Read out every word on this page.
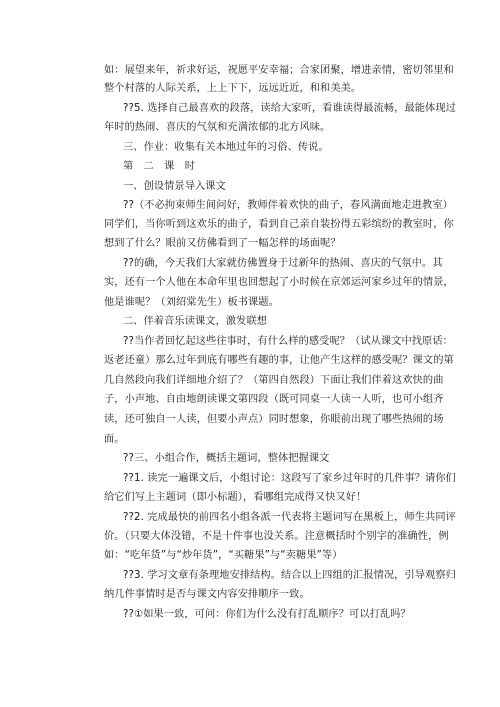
如：展望来年，祈求好运，祝愿平安幸福；合家团聚，增进亲情，密切邻里和
整个村落的人际关系，上上下下，远远近近，和和美美。
??5. 选择自己最喜欢的段落，读给大家听，看谁读得最流畅，最能体现过
年时的热闹、喜庆的气氛和充满浓郁的北方风味。
三、作业：收集有关本地过年的习俗、传说。
第　二　课　时
一、创设情景导入课文
??（不必拘束师生间问好，教师伴着欢快的曲子，春风满面地走进教室）
同学们，当你听到这欢乐的曲子，看到自己亲自装扮得五彩缤纷的教室时，你
想到了什么？眼前又仿佛看到了一幅怎样的场面呢？
??的确，今天我们大家就仿佛置身于过新年的热闹、喜庆的气氛中。其
实，还有一个人他在本命年里也回想起了小时候在京郊运河家乡过年的情景，
他是谁呢？（刘绍棠先生）板书课题。
二、伴着音乐读课文，激发联想
??当作者回忆起这些往事时，有什么样的感受呢？（试从课文中找原话：
返老还童）那么过年到底有哪些有趣的事，让他产生这样的感受呢？课文的第
几自然段向我们详细地介绍了？（第四自然段）下面让我们伴着这欢快的曲
子，小声地、自由地朗读课文第四段（既可同桌一人读一人听，也可小组齐
读，还可独自一人读，但要小声点）同时想象，你眼前出现了哪些热闹的场
面。
??三、小组合作，概括主题词，整体把握课文
??1. 读完一遍课文后，小组讨论：这段写了家乡过年时的几件事？请你们
给它们写上主题词（即小标题），看哪组完成得又快又好！
??2. 完成最快的前四名小组各派一代表将主题词写在黑板上，师生共同评
价。（只要大体没错，不是十件事也没关系。注意概括时个别字的准确性，例
如：“吃年货”与“炒年货”，“买糖果”与“卖糖果”等）
??3. 学习文章有条理地安排结构。结合以上四组的汇报情况，引导观察归
纳几件事情时是否与课文内容安排顺序一致。
??①如果一致，可问：你们为什么没有打乱顺序？可以打乱吗？
